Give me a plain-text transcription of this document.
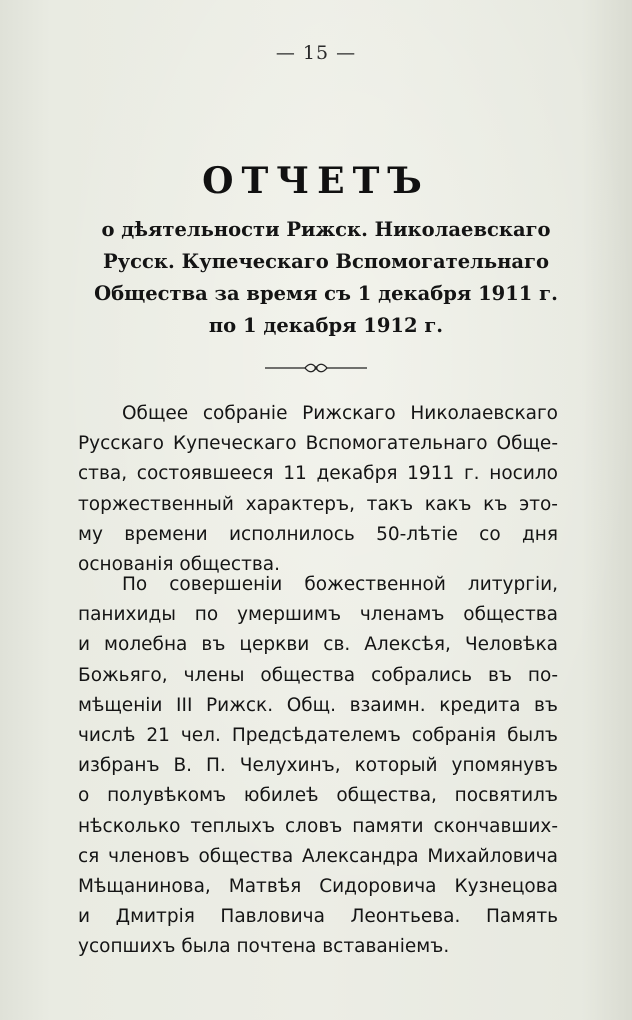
— 15 —
ОТЧЕТЪ
о дѣятельности Рижск. Николаевскаго
Русск. Купеческаго Вспомогательнаго
Общества за время съ 1 декабря 1911 г.
по 1 декабря 1912 г.
Общее собраніе Рижскаго Николаевскаго
Русскаго Купеческаго Вспомогательнаго Обще-
ства, состоявшееся 11 декабря 1911 г. носило
торжественный характеръ, такъ какъ къ это-
му времени исполнилось 50-лѣтіе со дня
основанія общества.
По совершеніи божественной литургіи,
панихиды по умершимъ членамъ общества
и молебна въ церкви св. Алексѣя, Человѣка
Божьяго, члены общества собрались въ по-
мѣщеніи III Рижск. Общ. взаимн. кредита въ
числѣ 21 чел. Предсѣдателемъ собранія былъ
избранъ В. П. Челухинъ, который упомянувъ
о полувѣкомъ юбилеѣ общества, посвятилъ
нѣсколько теплыхъ словъ памяти скончавших-
ся членовъ общества Александра Михайловича
Мѣщанинова, Матвѣя Сидоровича Кузнецова
и Дмитрія Павловича Леонтьева. Память
усопшихъ была почтена вставаніемъ.
